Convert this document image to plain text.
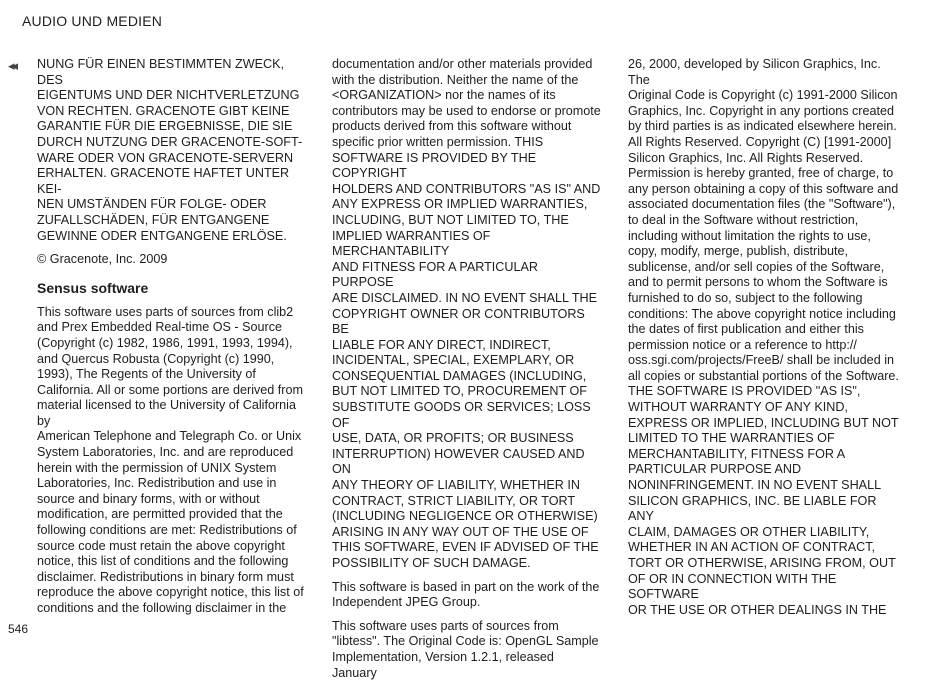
AUDIO UND MEDIEN
◂◂ NUNG FÜR EINEN BESTIMMTEN ZWECK, DES
EIGENTUMS UND DER NICHTVERLETZUNG
VON RECHTEN. GRACENOTE GIBT KEINE
GARANTIE FÜR DIE ERGEBNISSE, DIE SIE
DURCH NUTZUNG DER GRACENOTE-SOFT-
WARE ODER VON GRACENOTE-SERVERN
ERHALTEN. GRACENOTE HAFTET UNTER KEI-
NEN UMSTÄNDEN FÜR FOLGE- ODER
ZUFALLSCHÄDEN, FÜR ENTGANGENE
GEWINNE ODER ENTGANGENE ERLÖSE.

© Gracenote, Inc. 2009

Sensus software

This software uses parts of sources from clib2
and Prex Embedded Real-time OS - Source
(Copyright (c) 1982, 1986, 1991, 1993, 1994),
and Quercus Robusta (Copyright (c) 1990,
1993), The Regents of the University of
California. All or some portions are derived from
material licensed to the University of California by
American Telephone and Telegraph Co. or Unix
System Laboratories, Inc. and are reproduced
herein with the permission of UNIX System
Laboratories, Inc. Redistribution and use in
source and binary forms, with or without
modification, are permitted provided that the
following conditions are met: Redistributions of
source code must retain the above copyright
notice, this list of conditions and the following
disclaimer. Redistributions in binary form must
reproduce the above copyright notice, this list of
conditions and the following disclaimer in the

documentation and/or other materials provided
with the distribution. Neither the name of the
<ORGANIZATION> nor the names of its
contributors may be used to endorse or promote
products derived from this software without
specific prior written permission. THIS
SOFTWARE IS PROVIDED BY THE COPYRIGHT
HOLDERS AND CONTRIBUTORS "AS IS" AND
ANY EXPRESS OR IMPLIED WARRANTIES,
INCLUDING, BUT NOT LIMITED TO, THE
IMPLIED WARRANTIES OF MERCHANTABILITY
AND FITNESS FOR A PARTICULAR PURPOSE
ARE DISCLAIMED. IN NO EVENT SHALL THE
COPYRIGHT OWNER OR CONTRIBUTORS BE
LIABLE FOR ANY DIRECT, INDIRECT,
INCIDENTAL, SPECIAL, EXEMPLARY, OR
CONSEQUENTIAL DAMAGES (INCLUDING,
BUT NOT LIMITED TO, PROCUREMENT OF
SUBSTITUTE GOODS OR SERVICES; LOSS OF
USE, DATA, OR PROFITS; OR BUSINESS
INTERRUPTION) HOWEVER CAUSED AND ON
ANY THEORY OF LIABILITY, WHETHER IN
CONTRACT, STRICT LIABILITY, OR TORT
(INCLUDING NEGLIGENCE OR OTHERWISE)
ARISING IN ANY WAY OUT OF THE USE OF
THIS SOFTWARE, EVEN IF ADVISED OF THE
POSSIBILITY OF SUCH DAMAGE.

This software is based in part on the work of the
Independent JPEG Group.

This software uses parts of sources from
"libtess". The Original Code is: OpenGL Sample
Implementation, Version 1.2.1, released January

26, 2000, developed by Silicon Graphics, Inc. The
Original Code is Copyright (c) 1991-2000 Silicon
Graphics, Inc. Copyright in any portions created
by third parties is as indicated elsewhere herein.
All Rights Reserved. Copyright (C) [1991-2000]
Silicon Graphics, Inc. All Rights Reserved.
Permission is hereby granted, free of charge, to
any person obtaining a copy of this software and
associated documentation files (the "Software"),
to deal in the Software without restriction,
including without limitation the rights to use,
copy, modify, merge, publish, distribute,
sublicense, and/or sell copies of the Software,
and to permit persons to whom the Software is
furnished to do so, subject to the following
conditions: The above copyright notice including
the dates of first publication and either this
permission notice or a reference to http://
oss.sgi.com/projects/FreeB/ shall be included in
all copies or substantial portions of the Software.
THE SOFTWARE IS PROVIDED "AS IS",
WITHOUT WARRANTY OF ANY KIND,
EXPRESS OR IMPLIED, INCLUDING BUT NOT
LIMITED TO THE WARRANTIES OF
MERCHANTABILITY, FITNESS FOR A
PARTICULAR PURPOSE AND
NONINFRINGEMENT. IN NO EVENT SHALL
SILICON GRAPHICS, INC. BE LIABLE FOR ANY
CLAIM, DAMAGES OR OTHER LIABILITY,
WHETHER IN AN ACTION OF CONTRACT,
TORT OR OTHERWISE, ARISING FROM, OUT
OF OR IN CONNECTION WITH THE SOFTWARE
OR THE USE OR OTHER DEALINGS IN THE

546
